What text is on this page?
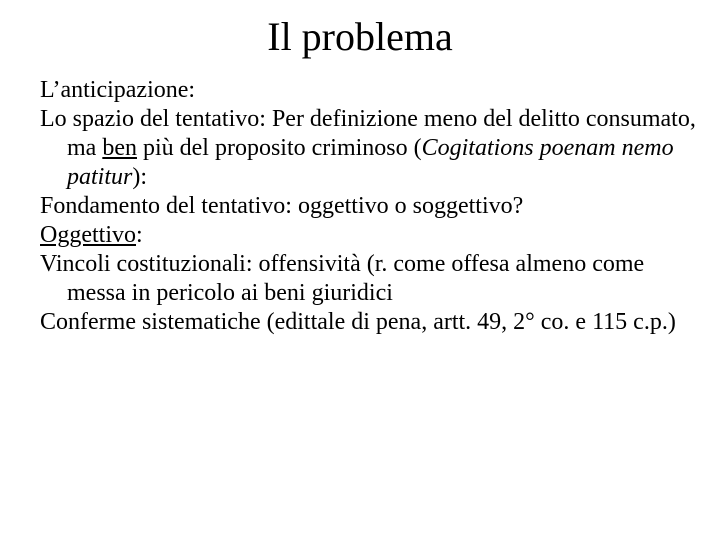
Il problema

L’anticipazione:

Lo spazio del tentativo: Per definizione meno del delitto consumato, ma ben più del proposito criminoso (Cogitations poenam nemo patitur):

Fondamento del tentativo: oggettivo o soggettivo?

Oggettivo:

Vincoli costituzionali: offensività (r. come offesa almeno come messa in pericolo ai beni giuridici

Conferme sistematiche (edittale di pena, artt. 49, 2° co. e 115 c.p.)
